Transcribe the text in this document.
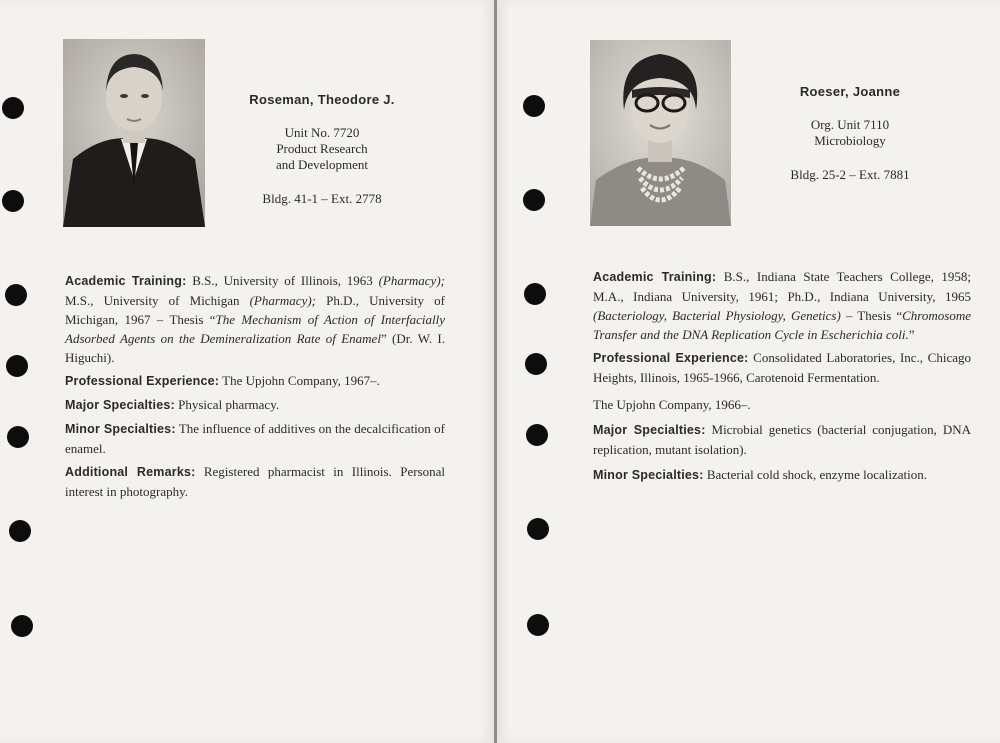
Roseman, Theodore J.
Unit No. 7720
Product Research
and Development
Bldg. 41-1 – Ext. 2778

Academic Training: B.S., University of Illinois, 1963 (Pharmacy); M.S., University of Michigan (Pharmacy); Ph.D., University of Michigan, 1967 – Thesis “The Mechanism of Action of Interfacially Adsorbed Agents on the Demineralization Rate of Enamel” (Dr. W. I. Higuchi).

Professional Experience: The Upjohn Company, 1967–.

Major Specialties: Physical pharmacy.

Minor Specialties: The influence of additives on the decalcification of enamel.

Additional Remarks: Registered pharmacist in Illinois. Personal interest in photography.

Roeser, Joanne
Org. Unit 7110
Microbiology
Bldg. 25-2 – Ext. 7881

Academic Training: B.S., Indiana State Teachers College, 1958; M.A., Indiana University, 1961; Ph.D., Indiana University, 1965 (Bacteriology, Bacterial Physiology, Genetics) – Thesis “Chromosome Transfer and the DNA Replication Cycle in Escherichia coli.”

Professional Experience: Consolidated Laboratories, Inc., Chicago Heights, Illinois, 1965-1966, Carotenoid Fermentation.

The Upjohn Company, 1966–.

Major Specialties: Microbial genetics (bacterial conjugation, DNA replication, mutant isolation).

Minor Specialties: Bacterial cold shock, enzyme localization.
